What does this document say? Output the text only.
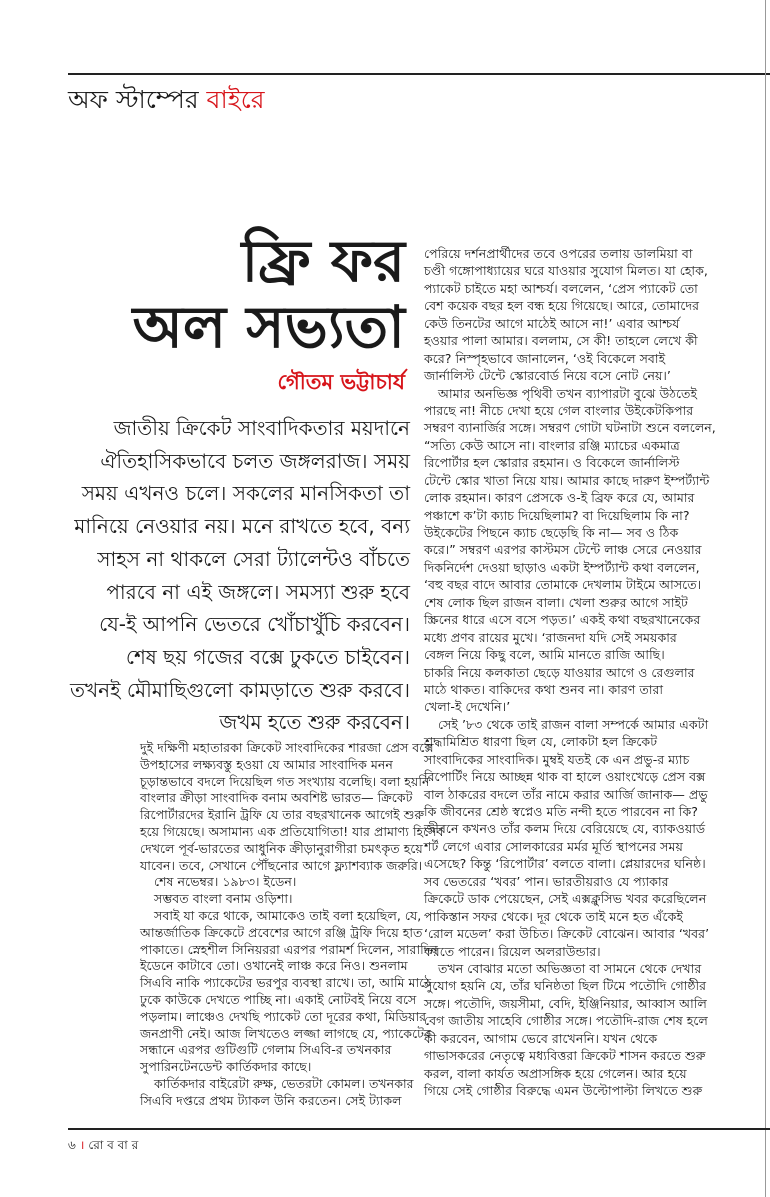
অফ স্টাম্পের বাইরে
ফ্রি ফর
অল সভ্যতা
গৌতম ভট্টাচার্য
জাতীয় ক্রিকেট সাংবাদিকতার ময়দানে
ঐতিহাসিকভাবে চলত জঙ্গলরাজ। সময়
সময় এখনও চলে। সকলের মানসিকতা তা
মানিয়ে নেওয়ার নয়। মনে রাখতে হবে, বন্য
সাহস না থাকলে সেরা ট্যালেন্টও বাঁচতে
পারবে না এই জঙ্গলে। সমস্যা শুরু হবে
যে-ই আপনি ভেতরে খোঁচাখুঁচি করবেন।
শেষ ছয় গজের বক্সে ঢুকতে চাইবেন।
তখনই মৌমাছিগুলো কামড়াতে শুরু করবে।
জখম হতে শুরু করবেন।
দুই দক্ষিণী মহাতারকা ক্রিকেট সাংবাদিকের শারজা প্রেস বক্সে
উপহাসের লক্ষ্যবস্তু হওয়া যে আমার সাংবাদিক মনন
চূড়ান্তভাবে বদলে দিয়েছিল গত সংখ্যায় বলেছি। বলা হয়নি
বাংলার ক্রীড়া সাংবাদিক বনাম অবশিষ্ট ভারত— ক্রিকেট
রিপোর্টারদের ইরানি ট্রফি যে তার বছরখানেক আগেই শুরু
হয়ে গিয়েছে। অসামান্য এক প্রতিযোগিতা! যার প্রামাণ্য হিসেব
দেখলে পূর্ব-ভারতের আধুনিক ক্রীড়ানুরাগীরা চমৎকৃত হয়ে
যাবেন। তবে, সেখানে পৌঁছনোর আগে ফ্ল্যাশব্যাক জরুরি।
শেষ নভেম্বর। ১৯৮৩। ইডেন।
সম্ভবত বাংলা বনাম ওড়িশা।
সবাই যা করে থাকে, আমাকেও তাই বলা হয়েছিল, যে,
আন্তর্জাতিক ক্রিকেটে প্রবেশের আগে রঞ্জি ট্রফি দিয়ে হাত
পাকাতে। স্নেহশীল সিনিয়ররা এরপর পরামর্শ দিলেন, সারাদিন
ইডেনে কাটাবে তো। ওখানেই লাঞ্চ করে নিও। শুনলাম
সিএবি নাকি প্যাকেটের ভরপুর ব্যবস্থা রাখে। তা, আমি মাঠে
ঢুকে কাউকে দেখতে পাচ্ছি না। একাই নোটবই নিয়ে বসে
পড়লাম। লাঞ্চেও দেখছি প্যাকেট তো দূরের কথা, মিডিয়ার
জনপ্রাণী নেই। আজ লিখতেও লজ্জা লাগছে যে, প্যাকেটের
সন্ধানে এরপর গুটিগুটি গেলাম সিএবি-র তখনকার
সুপারিনটেনডেন্ট কার্তিকদার কাছে।
কার্তিকদার বাইরেটা রুক্ষ, ভেতরটা কোমল। তখনকার
সিএবি দপ্তরে প্রথম ট্যাকল উনি করতেন। সেই ট্যাকল
পেরিয়ে দর্শনপ্রার্থীদের তবে ওপরের তলায় ডালমিয়া বা
চণ্ডী গঙ্গোপাধ্যায়ের ঘরে যাওয়ার সুযোগ মিলত। যা হোক,
প্যাকেট চাইতে মহা আশ্চর্য। বললেন, ‘প্রেস প্যাকেট তো
বেশ কয়েক বছর হল বন্ধ হয়ে গিয়েছে। আরে, তোমাদের
কেউ তিনটের আগে মাঠেই আসে না!’ এবার আশ্চর্য
হওয়ার পালা আমার। বললাম, সে কী! তাহলে লেখে কী
করে? নিস্পৃহভাবে জানালেন, ‘ওই বিকেলে সবাই
জার্নালিস্ট টেন্টে স্কোরবোর্ড নিয়ে বসে নোট নেয়।’
আমার অনভিজ্ঞ পৃথিবী তখন ব্যাপারটা বুঝে উঠতেই
পারছে না! নীচে দেখা হয়ে গেল বাংলার উইকেটকিপার
সম্বরণ ব্যানার্জির সঙ্গে। সম্বরণ গোটা ঘটনাটা শুনে বললেন,
“সত্যি কেউ আসে না। বাংলার রঞ্জি ম্যাচের একমাত্র
রিপোর্টার হল স্কোরার রহমান। ও বিকেলে জার্নালিস্ট
টেন্টে স্কোর খাতা নিয়ে যায়। আমার কাছে দারুণ ইম্পর্ট্যান্ট
লোক রহমান। কারণ প্রেসকে ও-ই ব্রিফ করে যে, আমার
পঞ্চাশে ক’টা ক্যাচ দিয়েছিলাম? বা দিয়েছিলাম কি না?
উইকেটের পিছনে ক্যাচ ছেড়েছি কি না— সব ও ঠিক
করে।” সম্বরণ এরপর কাস্টমস টেন্টে লাঞ্চ সেরে নেওয়ার
দিকনির্দেশ দেওয়া ছাড়াও একটা ইম্পর্ট্যান্ট কথা বললেন,
‘বহু বছর বাদে আবার তোমাকে দেখলাম টাইমে আসতে।
শেষ লোক ছিল রাজন বালা। খেলা শুরুর আগে সাইট
স্ক্রিনের ধারে এসে বসে পড়ত।’ একই কথা বছরখানেকের
মধ্যে প্রণব রায়ের মুখে। ‘রাজনদা যদি সেই সময়কার
বেঙ্গল নিয়ে কিছু বলে, আমি মানতে রাজি আছি।
চাকরি নিয়ে কলকাতা ছেড়ে যাওয়ার আগে ও রেগুলার
মাঠে থাকত। বাকিদের কথা শুনব না। কারণ তারা
খেলা-ই দেখেনি।’
সেই ’৮৩ থেকে তাই রাজন বালা সম্পর্কে আমার একটা
শ্রদ্ধামিশ্রিত ধারণা ছিল যে, লোকটা হল ক্রিকেট
সাংবাদিকের সাংবাদিক। মুম্বই যতই কে এন প্রভু-র ম্যাচ
রিপোর্টিং নিয়ে আচ্ছন্ন থাক বা হালে ওয়াংখেড়ে প্রেস বক্স
বাল ঠাকরের বদলে তাঁর নামে করার আর্জি জানাক— প্রভু
কি জীবনের শ্রেষ্ঠ স্বপ্নেও মতি নন্দী হতে পারবেন না কি?
জীবনে কখনও তাঁর কলম দিয়ে বেরিয়েছে যে, ব্যাকওয়ার্ড
শর্ট লেগে এবার সোলকারের মর্মর মূর্তি স্থাপনের সময়
এসেছে? কিন্তু ‘রিপোর্টার’ বলতে বালা। প্লেয়ারদের ঘনিষ্ঠ।
সব ভেতরের ‘খবর’ পান। ভারতীয়রাও যে প্যাকার
ক্রিকেটে ডাক পেয়েছেন, সেই এক্সক্লুসিভ খবর করেছিলেন
পাকিস্তান সফর থেকে। দূর থেকে তাই মনে হত এঁকেই
‘রোল মডেল’ করা উচিত। ক্রিকেট বোঝেন। আবার ‘খবর’
করতে পারেন। রিয়েল অলরাউন্ডার।
তখন বোঝার মতো অভিজ্ঞতা বা সামনে থেকে দেখার
সুযোগ হয়নি যে, তাঁর ঘনিষ্ঠতা ছিল টিমে পতৌদি গোষ্ঠীর
সঙ্গে। পতৌদি, জয়সীমা, বেদি, ইঞ্জিনিয়ার, আব্বাস আলি
বেগ জাতীয় সাহেবি গোষ্ঠীর সঙ্গে। পতৌদি-রাজ শেষ হলে
কী করবেন, আগাম ভেবে রাখেননি। যখন থেকে
গাভাসকরের নেতৃত্বে মধ্যবিত্তরা ক্রিকেট শাসন করতে শুরু
করল, বালা কার্যত অপ্রাসঙ্গিক হয়ে গেলেন। আর হয়ে
গিয়ে সেই গোষ্ঠীর বিরুদ্ধে এমন উল্টোপাল্টা লিখতে শুরু
৬ । রো ব বা র
